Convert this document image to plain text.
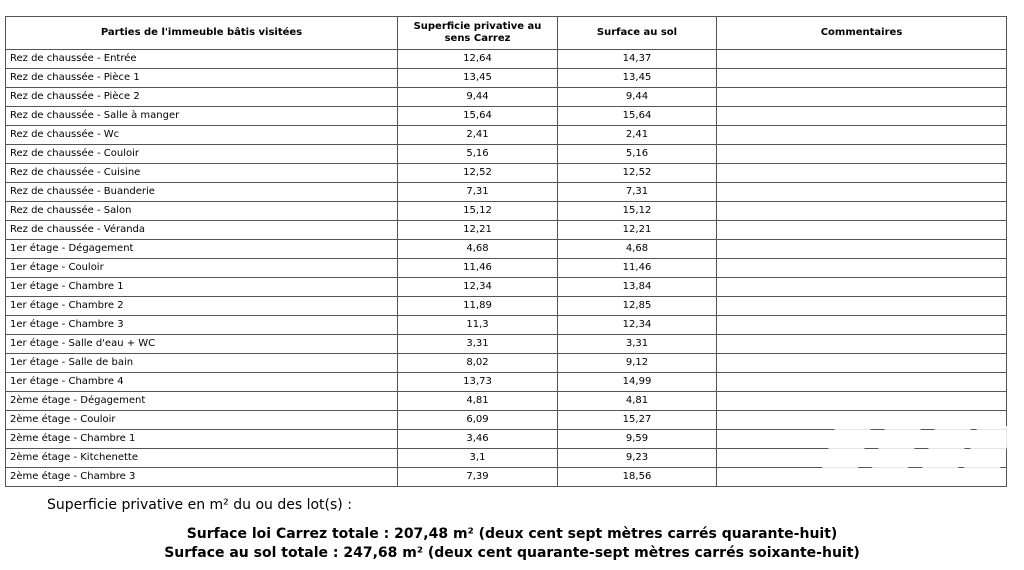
Parties de l'immeuble bâtis visitées	Superficie privative au sens Carrez	Surface au sol	Commentaires
Rez de chaussée - Entrée	12,64	14,37	
Rez de chaussée - Pièce 1	13,45	13,45	
Rez de chaussée - Pièce 2	9,44	9,44	
Rez de chaussée - Salle à manger	15,64	15,64	
Rez de chaussée - Wc	2,41	2,41	
Rez de chaussée - Couloir	5,16	5,16	
Rez de chaussée - Cuisine	12,52	12,52	
Rez de chaussée - Buanderie	7,31	7,31	
Rez de chaussée - Salon	15,12	15,12	
Rez de chaussée - Véranda	12,21	12,21	
1er étage - Dégagement	4,68	4,68	
1er étage - Couloir	11,46	11,46	
1er étage - Chambre 1	12,34	13,84	
1er étage - Chambre 2	11,89	12,85	
1er étage - Chambre 3	11,3	12,34	
1er étage - Salle d'eau + WC	3,31	3,31	
1er étage - Salle de bain	8,02	9,12	
1er étage - Chambre 4	13,73	14,99	
2ème étage - Dégagement	4,81	4,81	
2ème étage - Couloir	6,09	15,27	
2ème étage - Chambre 1	3,46	9,59	
2ème étage - Kitchenette	3,1	9,23	
2ème étage - Chambre 3	7,39	18,56	
Superficie privative en m² du ou des lot(s) :
Surface loi Carrez totale : 207,48 m² (deux cent sept mètres carrés quarante-huit)
Surface au sol totale : 247,68 m² (deux cent quarante-sept mètres carrés soixante-huit)
